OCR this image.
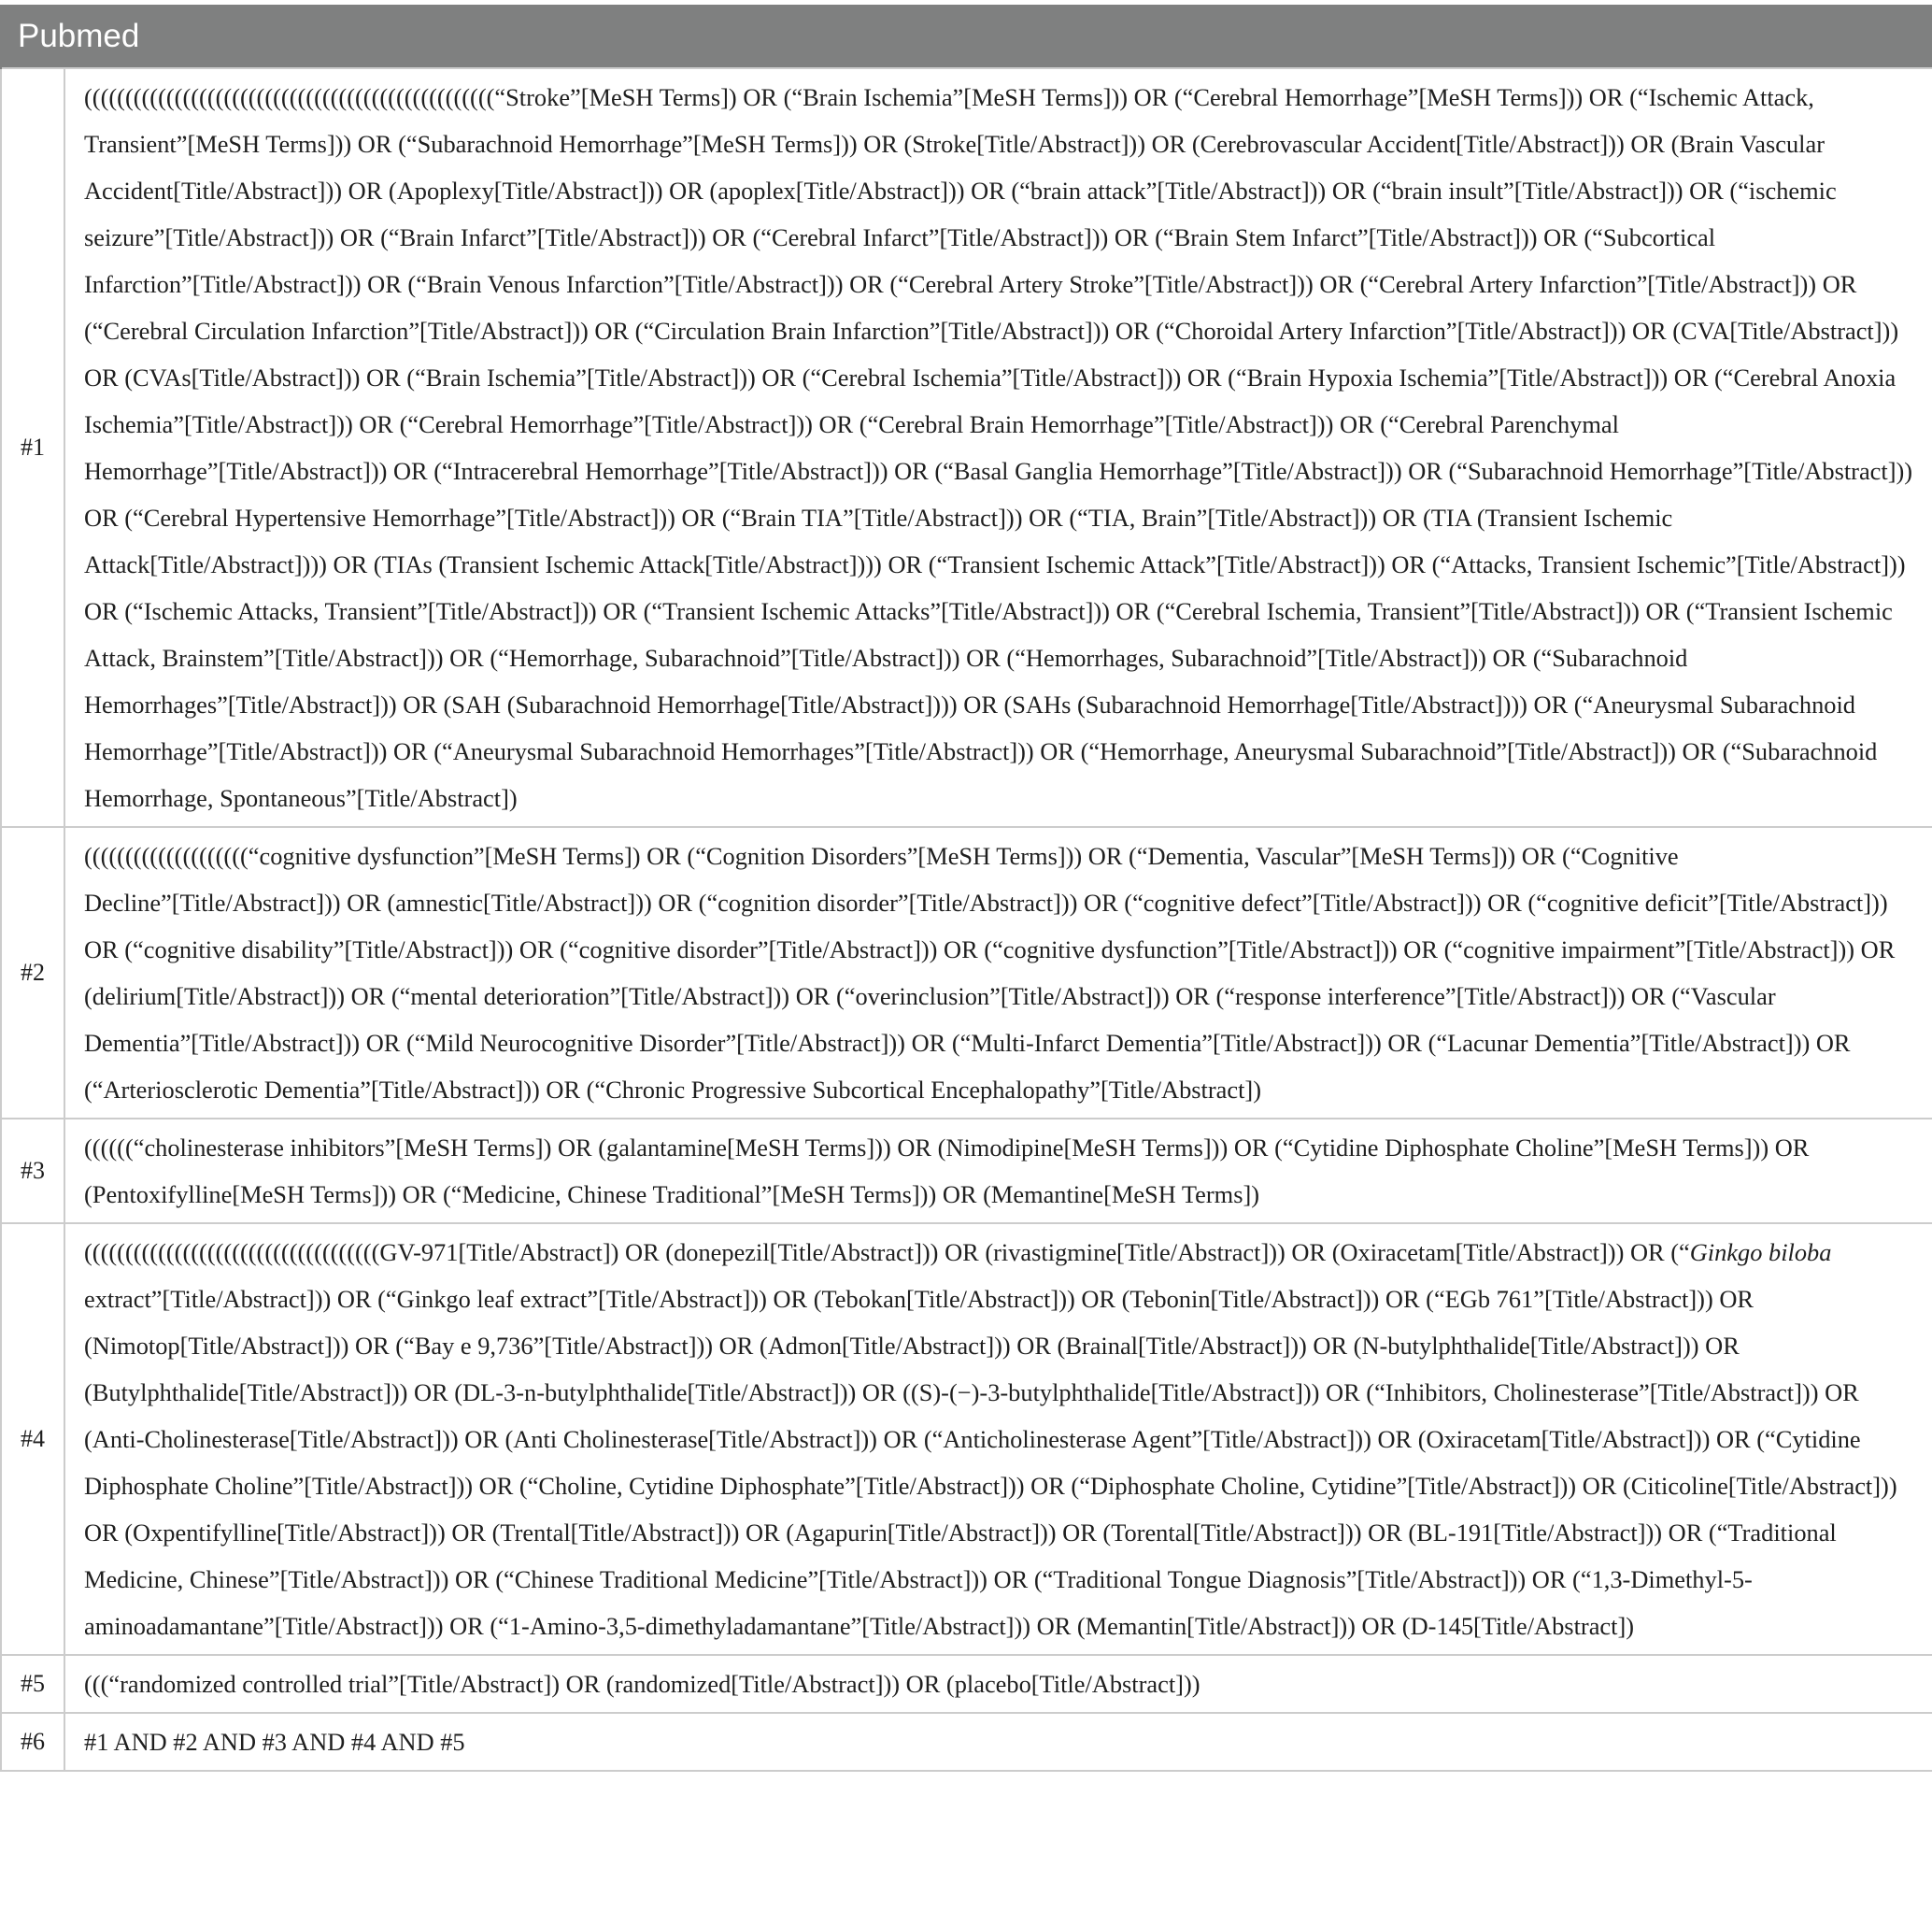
Pubmed	
#1	((((((((((((((((((((((((((((((((((((((((((((((((((“Stroke”[MeSH Terms]) OR (“Brain Ischemia”[MeSH Terms])) OR (“Cerebral Hemorrhage”[MeSH Terms])) OR (“Ischemic Attack, Transient”[MeSH Terms])) OR (“Subarachnoid Hemorrhage”[MeSH Terms])) OR (Stroke[Title/Abstract])) OR (Cerebrovascular Accident[Title/Abstract])) OR (Brain Vascular Accident[Title/Abstract])) OR (Apoplexy[Title/Abstract])) OR (apoplex[Title/Abstract])) OR (“brain attack”[Title/Abstract])) OR (“brain insult”[Title/Abstract])) OR (“ischemic seizure”[Title/Abstract])) OR (“Brain Infarct”[Title/Abstract])) OR (“Cerebral Infarct”[Title/Abstract])) OR (“Brain Stem Infarct”[Title/Abstract])) OR (“Subcortical Infarction”[Title/Abstract])) OR (“Brain Venous Infarction”[Title/Abstract])) OR (“Cerebral Artery Stroke”[Title/Abstract])) OR (“Cerebral Artery Infarction”[Title/Abstract])) OR (“Cerebral Circulation Infarction”[Title/Abstract])) OR (“Circulation Brain Infarction”[Title/Abstract])) OR (“Choroidal Artery Infarction”[Title/Abstract])) OR (CVA[Title/Abstract])) OR (CVAs[Title/Abstract])) OR (“Brain Ischemia”[Title/Abstract])) OR (“Cerebral Ischemia”[Title/Abstract])) OR (“Brain Hypoxia Ischemia”[Title/Abstract])) OR (“Cerebral Anoxia Ischemia”[Title/Abstract])) OR (“Cerebral Hemorrhage”[Title/Abstract])) OR (“Cerebral Brain Hemorrhage”[Title/Abstract])) OR (“Cerebral Parenchymal Hemorrhage”[Title/Abstract])) OR (“Intracerebral Hemorrhage”[Title/Abstract])) OR (“Basal Ganglia Hemorrhage”[Title/Abstract])) OR (“Subarachnoid Hemorrhage”[Title/Abstract])) OR (“Cerebral Hypertensive Hemorrhage”[Title/Abstract])) OR (“Brain TIA”[Title/Abstract])) OR (“TIA, Brain”[Title/Abstract])) OR (TIA (Transient Ischemic Attack[Title/Abstract]))) OR (TIAs (Transient Ischemic Attack[Title/Abstract]))) OR (“Transient Ischemic Attack”[Title/Abstract])) OR (“Attacks, Transient Ischemic”[Title/Abstract])) OR (“Ischemic Attacks, Transient”[Title/Abstract])) OR (“Transient Ischemic Attacks”[Title/Abstract])) OR (“Cerebral Ischemia, Transient”[Title/Abstract])) OR (“Transient Ischemic Attack, Brainstem”[Title/Abstract])) OR (“Hemorrhage, Subarachnoid”[Title/Abstract])) OR (“Hemorrhages, Subarachnoid”[Title/Abstract])) OR (“Subarachnoid Hemorrhages”[Title/Abstract])) OR (SAH (Subarachnoid Hemorrhage[Title/Abstract]))) OR (SAHs (Subarachnoid Hemorrhage[Title/Abstract]))) OR (“Aneurysmal Subarachnoid Hemorrhage”[Title/Abstract])) OR (“Aneurysmal Subarachnoid Hemorrhages”[Title/Abstract])) OR (“Hemorrhage, Aneurysmal Subarachnoid”[Title/Abstract])) OR (“Subarachnoid Hemorrhage, Spontaneous”[Title/Abstract])
#2	((((((((((((((((((((“cognitive dysfunction”[MeSH Terms]) OR (“Cognition Disorders”[MeSH Terms])) OR (“Dementia, Vascular”[MeSH Terms])) OR (“Cognitive Decline”[Title/Abstract])) OR (amnestic[Title/Abstract])) OR (“cognition disorder”[Title/Abstract])) OR (“cognitive defect”[Title/Abstract])) OR (“cognitive deficit”[Title/Abstract])) OR (“cognitive disability”[Title/Abstract])) OR (“cognitive disorder”[Title/Abstract])) OR (“cognitive dysfunction”[Title/Abstract])) OR (“cognitive impairment”[Title/Abstract])) OR (delirium[Title/Abstract])) OR (“mental deterioration”[Title/Abstract])) OR (“overinclusion”[Title/Abstract])) OR (“response interference”[Title/Abstract])) OR (“Vascular Dementia”[Title/Abstract])) OR (“Mild Neurocognitive Disorder”[Title/Abstract])) OR (“Multi-Infarct Dementia”[Title/Abstract])) OR (“Lacunar Dementia”[Title/Abstract])) OR (“Arteriosclerotic Dementia”[Title/Abstract])) OR (“Chronic Progressive Subcortical Encephalopathy”[Title/Abstract])
#3	((((((“cholinesterase inhibitors”[MeSH Terms]) OR (galantamine[MeSH Terms])) OR (Nimodipine[MeSH Terms])) OR (“Cytidine Diphosphate Choline”[MeSH Terms])) OR (Pentoxifylline[MeSH Terms])) OR (“Medicine, Chinese Traditional”[MeSH Terms])) OR (Memantine[MeSH Terms])
#4	((((((((((((((((((((((((((((((((((((GV-971[Title/Abstract]) OR (donepezil[Title/Abstract])) OR (rivastigmine[Title/Abstract])) OR (Oxiracetam[Title/Abstract])) OR (“Ginkgo biloba extract”[Title/Abstract])) OR (“Ginkgo leaf extract”[Title/Abstract])) OR (Tebokan[Title/Abstract])) OR (Tebonin[Title/Abstract])) OR (“EGb 761”[Title/Abstract])) OR (Nimotop[Title/Abstract])) OR (“Bay e 9,736”[Title/Abstract])) OR (Admon[Title/Abstract])) OR (Brainal[Title/Abstract])) OR (N-butylphthalide[Title/Abstract])) OR (Butylphthalide[Title/Abstract])) OR (DL-3-n-butylphthalide[Title/Abstract])) OR ((S)-(−)-3-butylphthalide[Title/Abstract])) OR (“Inhibitors, Cholinesterase”[Title/Abstract])) OR (Anti-Cholinesterase[Title/Abstract])) OR (Anti Cholinesterase[Title/Abstract])) OR (“Anticholinesterase Agent”[Title/Abstract])) OR (Oxiracetam[Title/Abstract])) OR (“Cytidine Diphosphate Choline”[Title/Abstract])) OR (“Choline, Cytidine Diphosphate”[Title/Abstract])) OR (“Diphosphate Choline, Cytidine”[Title/Abstract])) OR (Citicoline[Title/Abstract])) OR (Oxpentifylline[Title/Abstract])) OR (Trental[Title/Abstract])) OR (Agapurin[Title/Abstract])) OR (Torental[Title/Abstract])) OR (BL-191[Title/Abstract])) OR (“Traditional Medicine, Chinese”[Title/Abstract])) OR (“Chinese Traditional Medicine”[Title/Abstract])) OR (“Traditional Tongue Diagnosis”[Title/Abstract])) OR (“1,3-Dimethyl-5-aminoadamantane”[Title/Abstract])) OR (“1-Amino-3,5-dimethyladamantane”[Title/Abstract])) OR (Memantin[Title/Abstract])) OR (D-145[Title/Abstract])
#5	(((“randomized controlled trial”[Title/Abstract]) OR (randomized[Title/Abstract])) OR (placebo[Title/Abstract]))
#6	#1 AND #2 AND #3 AND #4 AND #5
